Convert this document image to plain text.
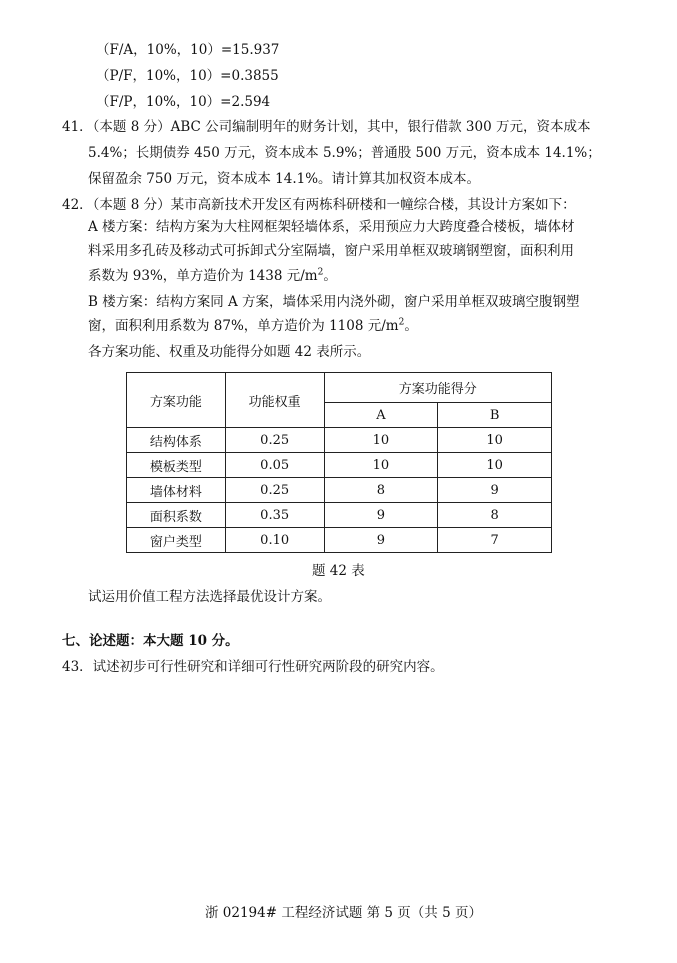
（F/A，10%，10）=15.937
（P/F，10%，10）=0.3855
（F/P，10%，10）=2.594
41．（本题 8 分）ABC 公司编制明年的财务计划，其中，银行借款 300 万元，资本成本
5.4%；长期债券 450 万元，资本成本 5.9%；普通股 500 万元，资本成本 14.1%；
保留盈余 750 万元，资本成本 14.1%。请计算其加权资本成本。
42．（本题 8 分）某市高新技术开发区有两栋科研楼和一幢综合楼，其设计方案如下：
A 楼方案：结构方案为大柱网框架轻墙体系，采用预应力大跨度叠合楼板，墙体材
料采用多孔砖及移动式可拆卸式分室隔墙，窗户采用单框双玻璃钢塑窗，面积利用
系数为 93%，单方造价为 1438 元$/m^2$。
B 楼方案：结构方案同 A 方案，墙体采用内浇外砌，窗户采用单框双玻璃空腹钢塑
窗，面积利用系数为 87%，单方造价为 1108 元$/m^2$。
各方案功能、权重及功能得分如题 42 表所示。
方案功能	功能权重	方案功能得分	
		A	B
结构体系	0.25	10	10
模板类型	0.05	10	10
墙体材料	0.25	8	9
面积系数	0.35	9	8
窗户类型	0.10	9	7
题 42 表
试运用价值工程方法选择最优设计方案。
七、论述题：本大题 10 分。
43．试述初步可行性研究和详细可行性研究两阶段的研究内容。
浙 02194# 工程经济试题 第 5 页（共 5 页）
